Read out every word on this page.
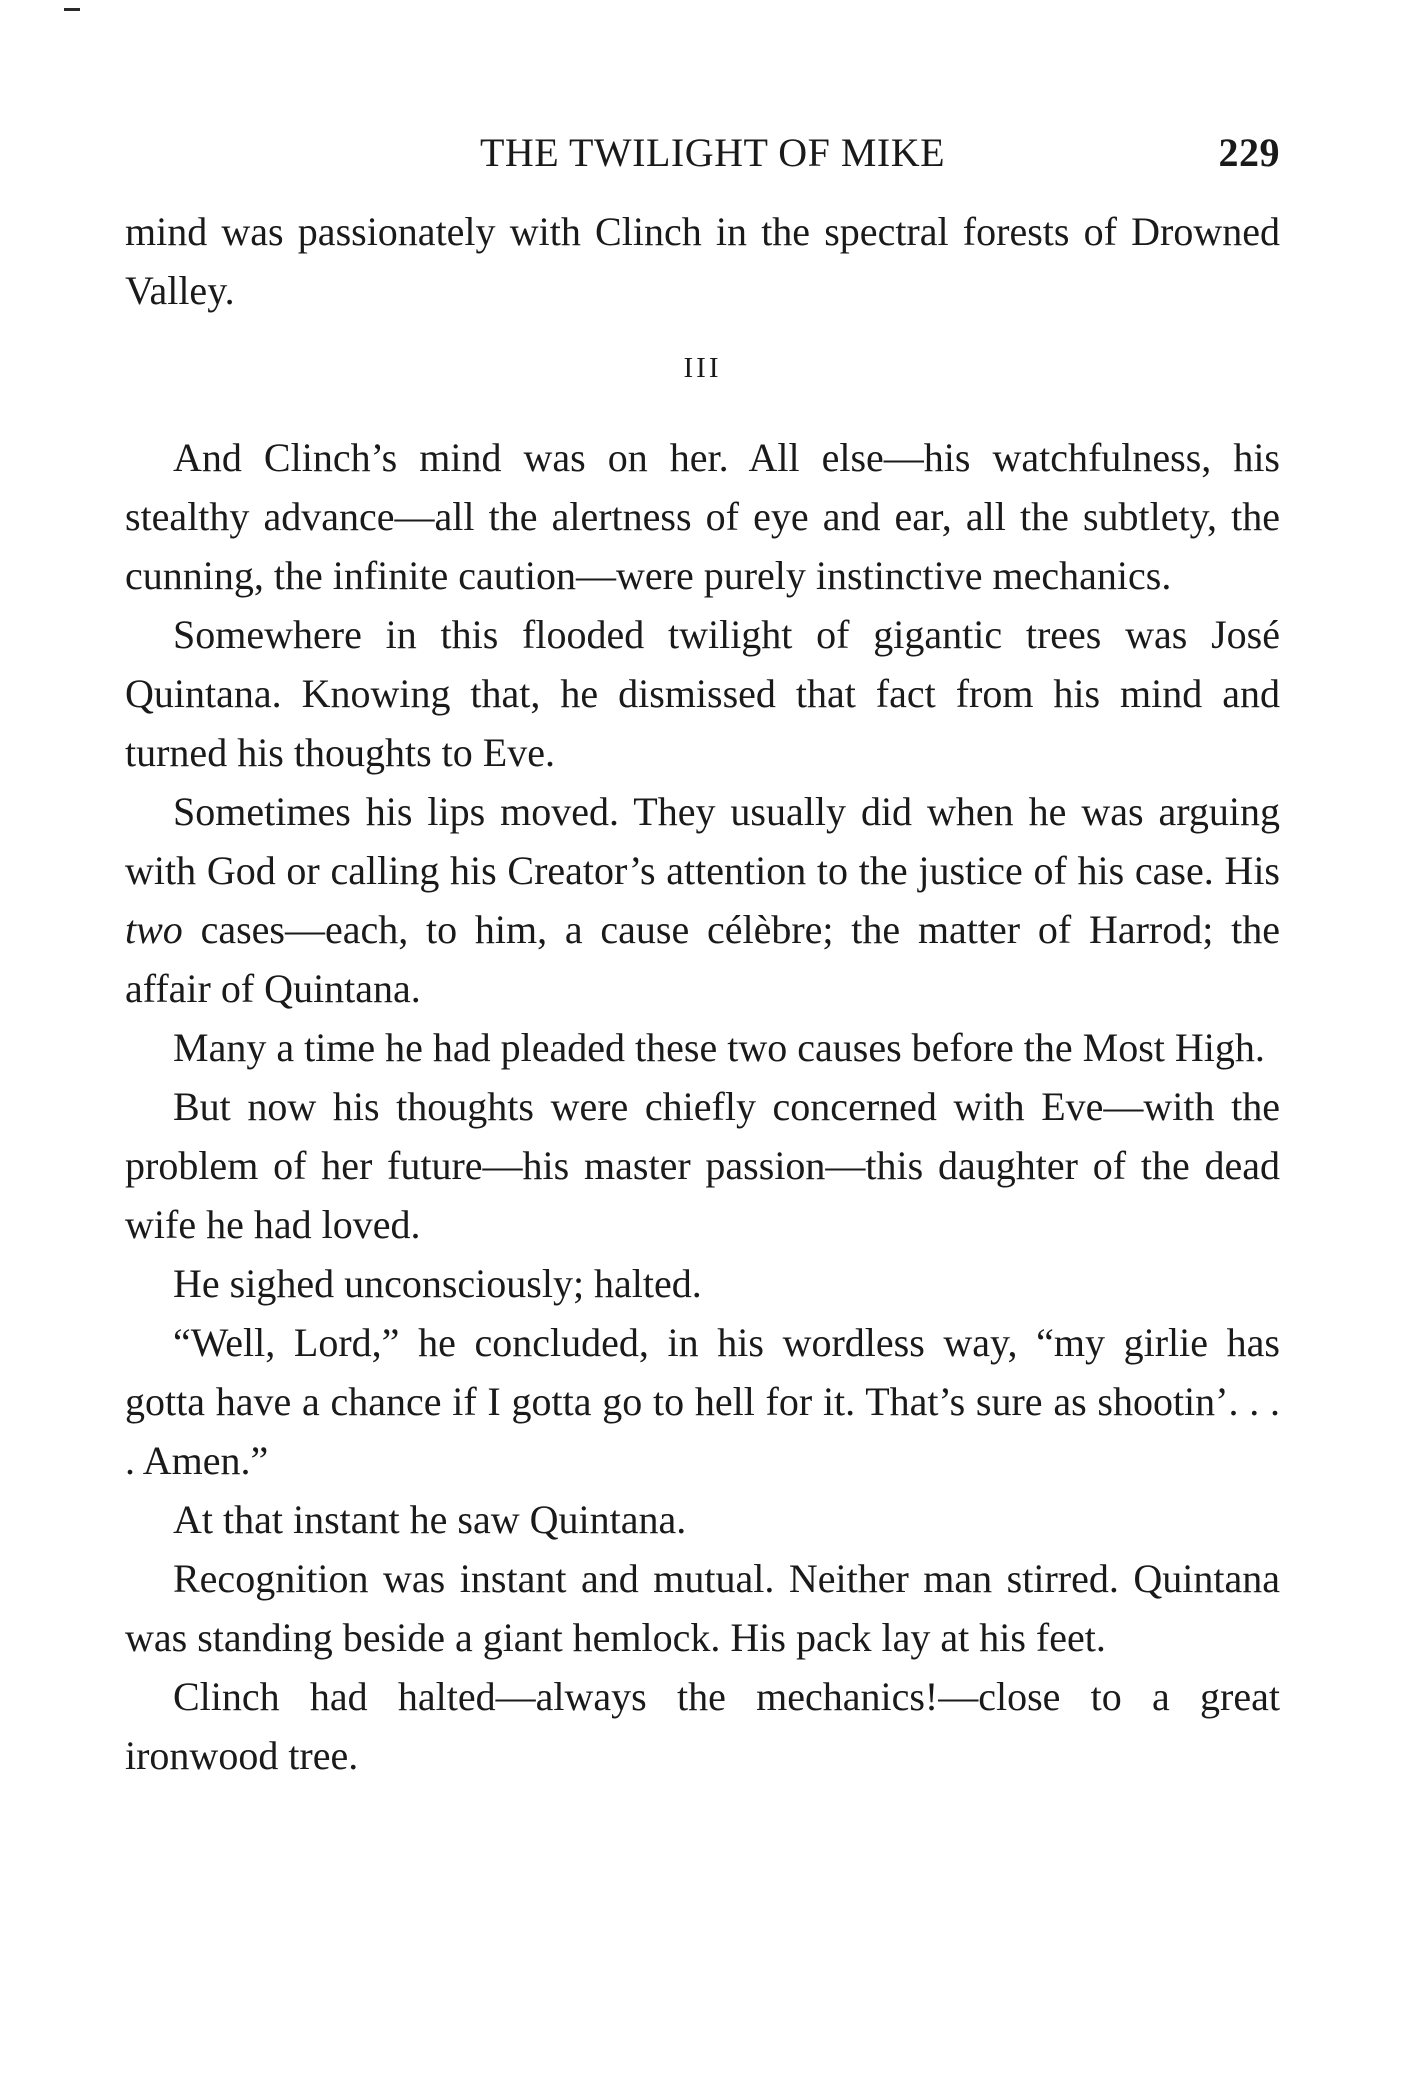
THE TWILIGHT OF MIKE	229

mind was passionately with Clinch in the spectral forests of Drowned Valley.

III

And Clinch’s mind was on her. All else—his watchfulness, his stealthy advance—all the alertness of eye and ear, all the subtlety, the cunning, the infinite caution—were purely instinctive mechanics.

Somewhere in this flooded twilight of gigantic trees was José Quintana. Knowing that, he dismissed that fact from his mind and turned his thoughts to Eve.

Sometimes his lips moved. They usually did when he was arguing with God or calling his Creator’s attention to the justice of his case. His two cases—each, to him, a cause célèbre; the matter of Harrod; the affair of Quintana.

Many a time he had pleaded these two causes before the Most High.

But now his thoughts were chiefly concerned with Eve—with the problem of her future—his master passion—this daughter of the dead wife he had loved.

He sighed unconsciously; halted.

“Well, Lord,” he concluded, in his wordless way, “my girlie has gotta have a chance if I gotta go to hell for it. That’s sure as shootin’. . . . Amen.”

At that instant he saw Quintana.

Recognition was instant and mutual. Neither man stirred. Quintana was standing beside a giant hemlock. His pack lay at his feet.

Clinch had halted—always the mechanics!—close to a great ironwood tree.
